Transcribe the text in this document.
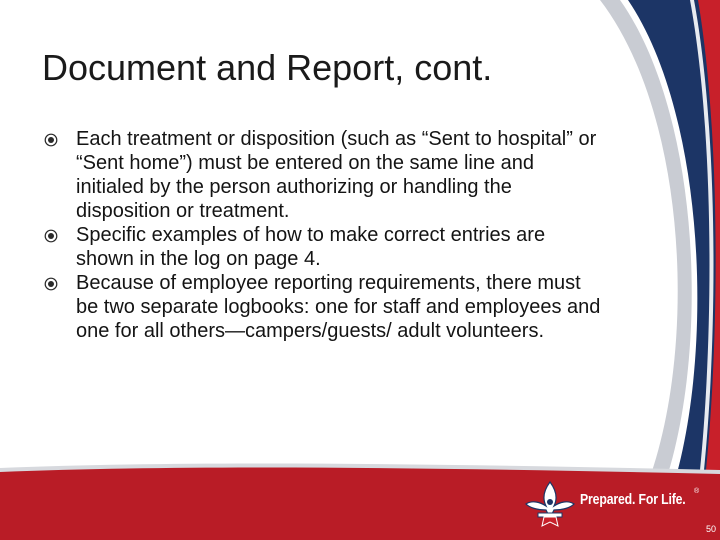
Document and Report, cont.
Each treatment or disposition (such as “Sent to hospital” or “Sent home”) must be entered on the same line and initialed by the person authorizing or handling the disposition or treatment.
Specific examples of how to make correct entries are shown in the log on page 4.
Because of employee reporting requirements, there must be two separate logbooks: one for staff and employees and one for all others—campers/guests/ adult volunteers.
Prepared. For Life. ®
50
